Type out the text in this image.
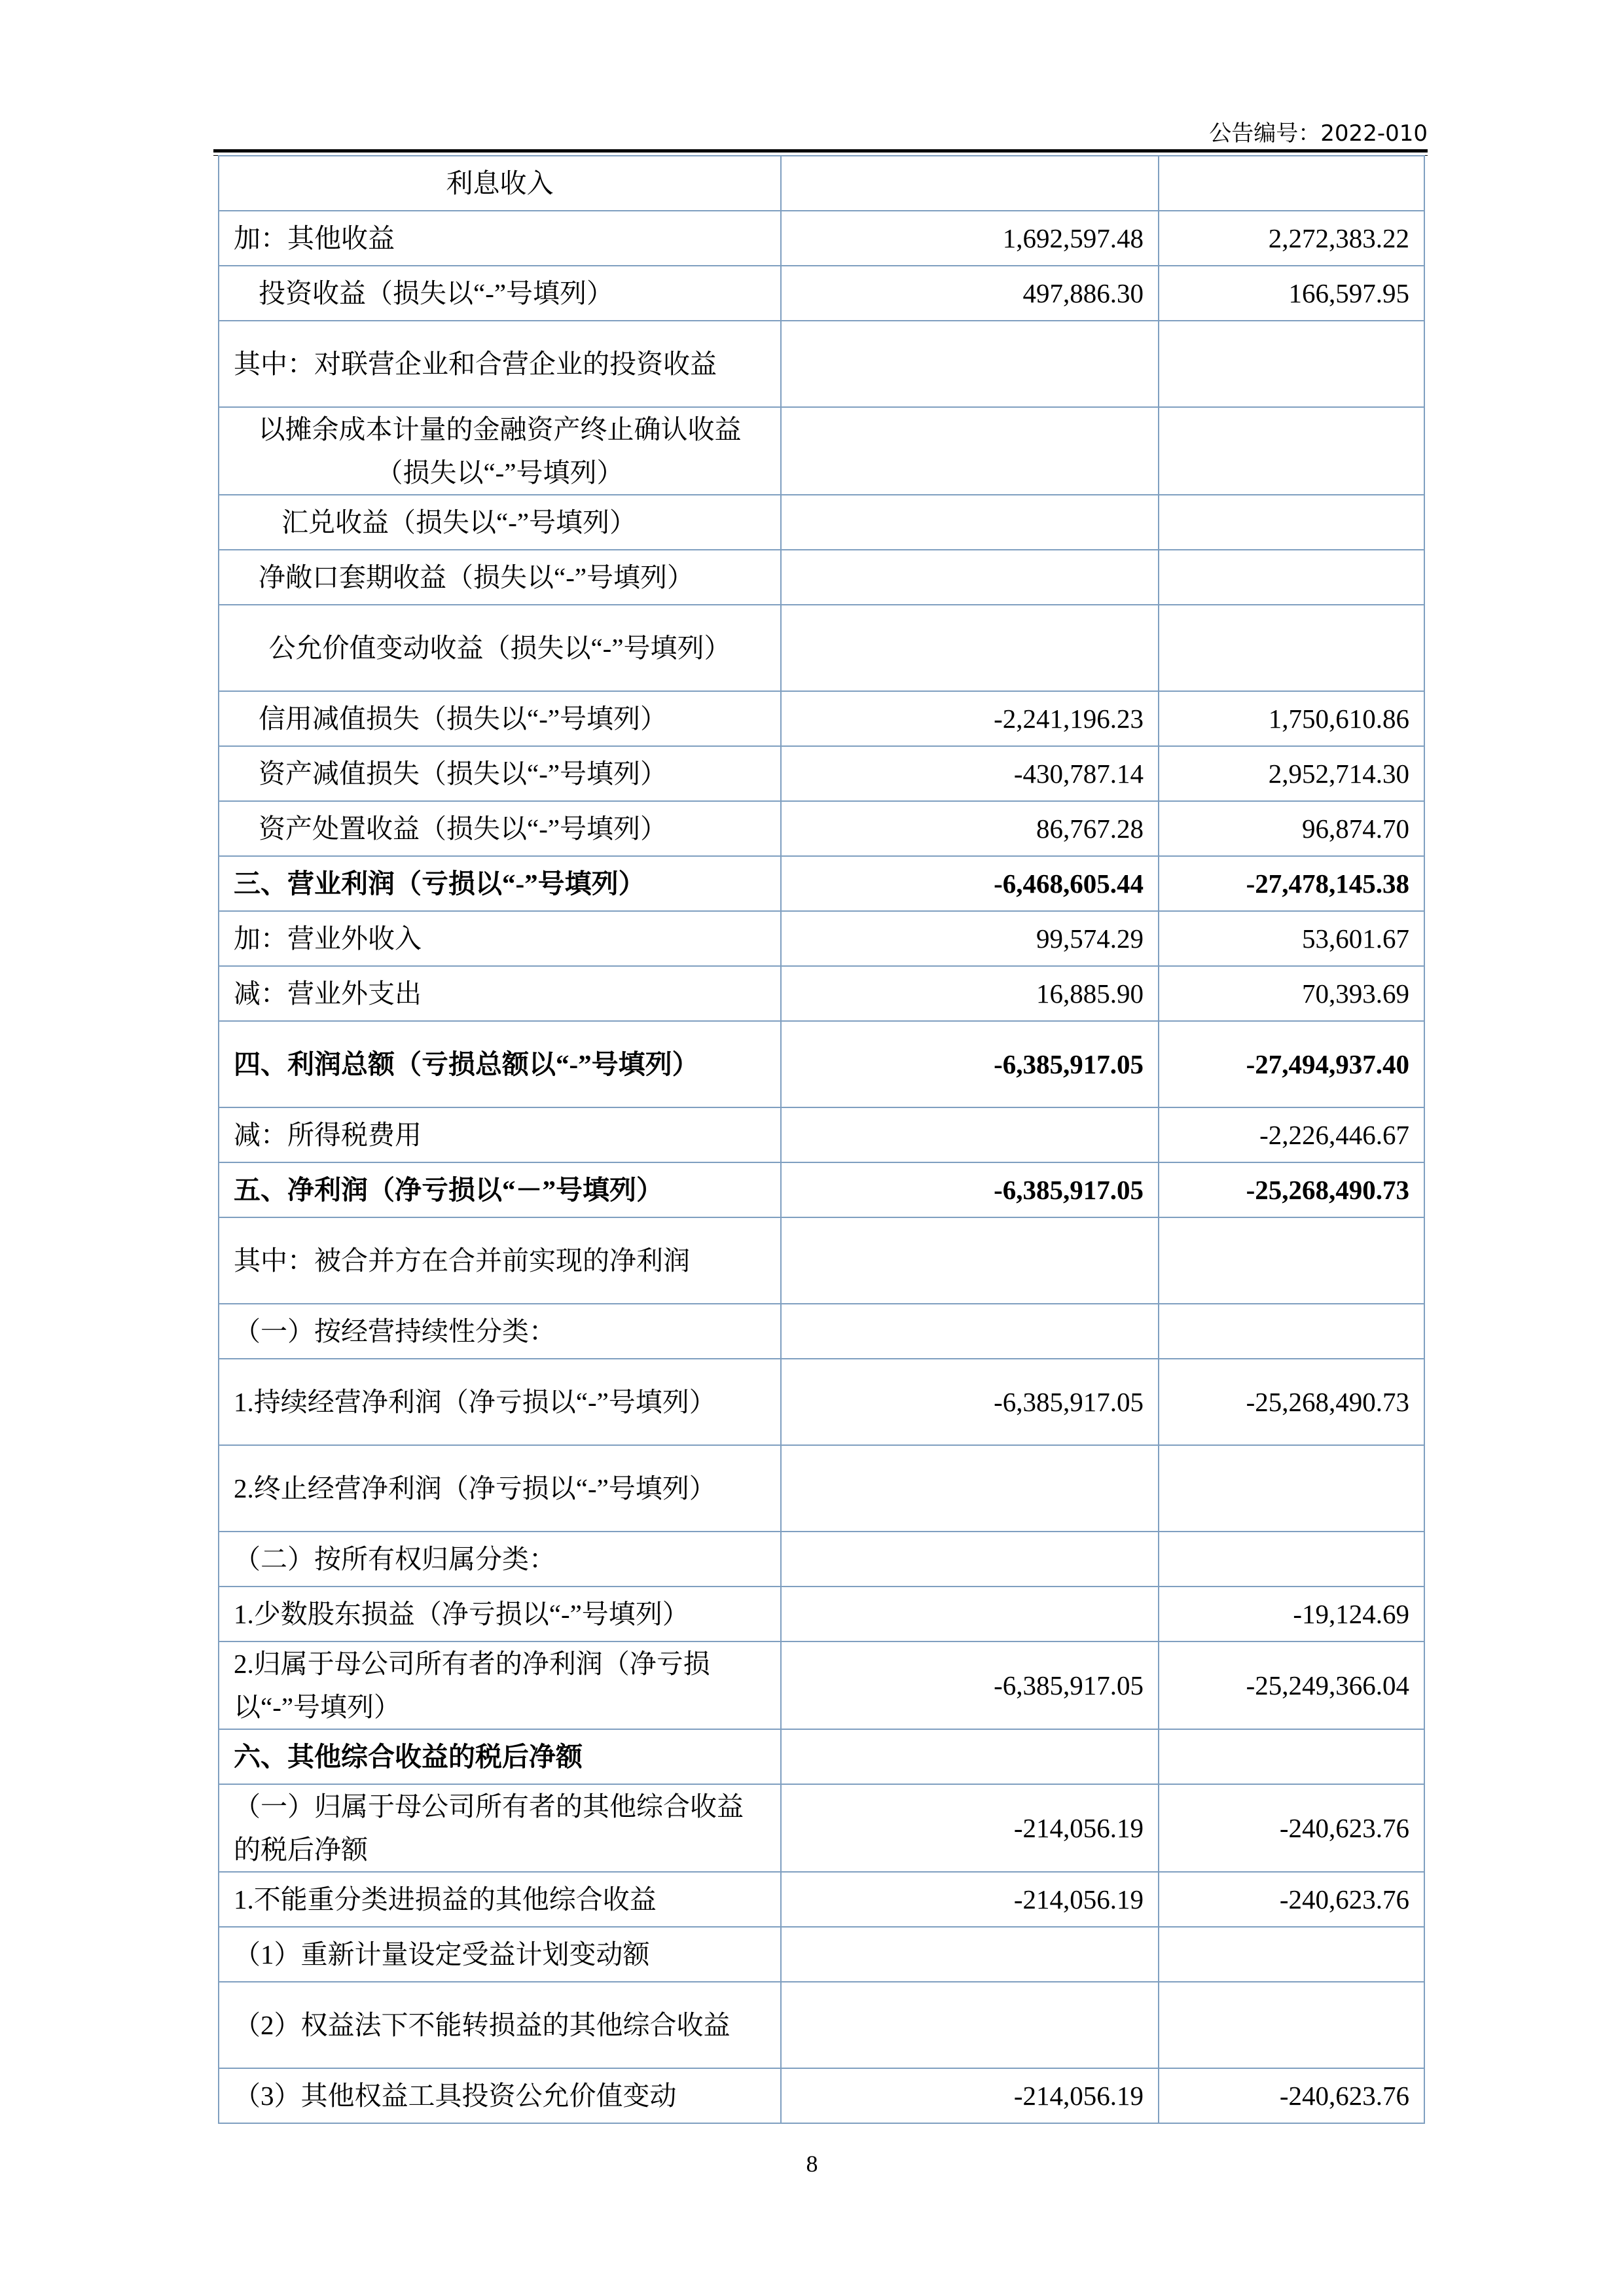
公告编号：2022-010
利息收入		
加：其他收益	1,692,597.48	2,272,383.22
投资收益（损失以“-”号填列）	497,886.30	166,597.95
其中：对联营企业和合营企业的投资收益		
以摊余成本计量的金融资产终止确认收益（损失以“-”号填列）		
汇兑收益（损失以“-”号填列）		
净敞口套期收益（损失以“-”号填列）		
公允价值变动收益（损失以“-”号填列）		
信用减值损失（损失以“-”号填列）	-2,241,196.23	1,750,610.86
资产减值损失（损失以“-”号填列）	-430,787.14	2,952,714.30
资产处置收益（损失以“-”号填列）	86,767.28	96,874.70
三、营业利润（亏损以“-”号填列）	-6,468,605.44	-27,478,145.38
加：营业外收入	99,574.29	53,601.67
减：营业外支出	16,885.90	70,393.69
四、利润总额（亏损总额以“-”号填列）	-6,385,917.05	-27,494,937.40
减：所得税费用		-2,226,446.67
五、净利润（净亏损以“－”号填列）	-6,385,917.05	-25,268,490.73
其中：被合并方在合并前实现的净利润		
（一）按经营持续性分类：		
1.持续经营净利润（净亏损以“-”号填列）	-6,385,917.05	-25,268,490.73
2.终止经营净利润（净亏损以“-”号填列）		
（二）按所有权归属分类：		
1.少数股东损益（净亏损以“-”号填列）		-19,124.69
2.归属于母公司所有者的净利润（净亏损以“-”号填列）	-6,385,917.05	-25,249,366.04
六、其他综合收益的税后净额		
（一）归属于母公司所有者的其他综合收益的税后净额	-214,056.19	-240,623.76
1.不能重分类进损益的其他综合收益	-214,056.19	-240,623.76
（1）重新计量设定受益计划变动额		
（2）权益法下不能转损益的其他综合收益		
（3）其他权益工具投资公允价值变动	-214,056.19	-240,623.76
8
